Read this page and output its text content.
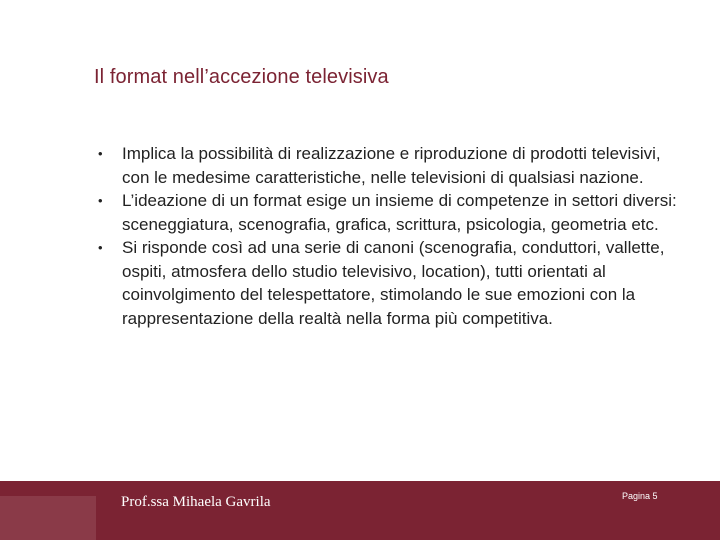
Il format nell’accezione televisiva
• Implica la possibilità di realizzazione e riproduzione di prodotti televisivi, con le medesime caratteristiche, nelle televisioni di qualsiasi nazione.
• L’ideazione di un format esige un insieme di competenze in settori diversi: sceneggiatura, scenografia, grafica, scrittura, psicologia, geometria etc.
• Si risponde così ad una serie di canoni (scenografia, conduttori, vallette, ospiti, atmosfera dello studio televisivo, location), tutti orientati al coinvolgimento del telespettatore, stimolando le sue emozioni con la rappresentazione della realtà nella forma più competitiva.
Prof.ssa Mihaela Gavrila	Pagina 5
